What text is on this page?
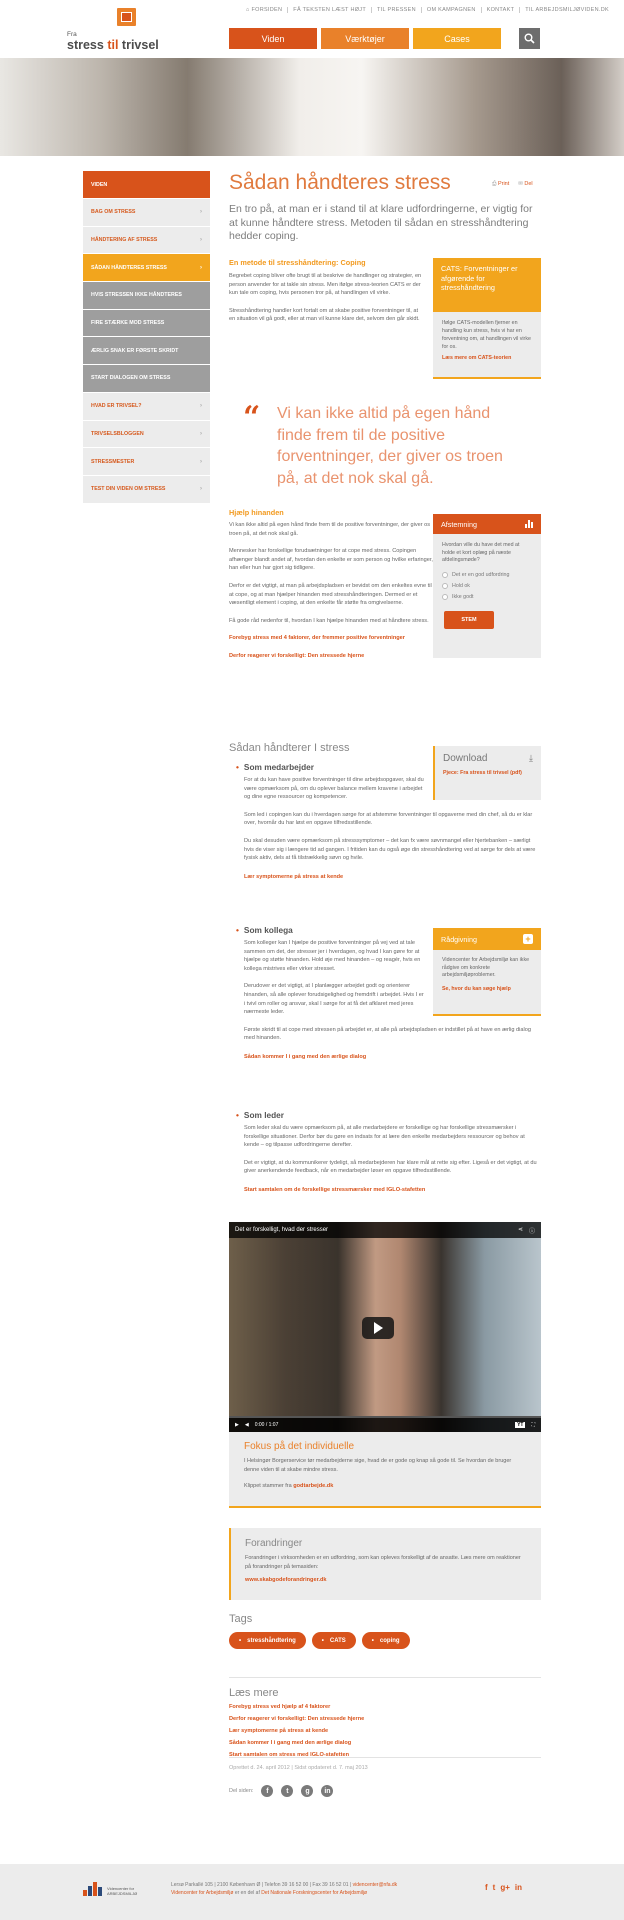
⌂ FORSIDEN	FÅ TEKSTEN LÆST HØJT	TIL PRESSEN	OM KAMPAGNEN	KONTAKT	TIL ARBEJDSMILJØVIDEN.DK
Fra
stress til trivsel	Viden	Værktøjer	Cases
VIDEN
BAG OM STRESS	›
HÅNDTERING AF STRESS	›
SÅDAN HÅNDTERES STRESS	›
HVIS STRESSEN IKKE HÅNDTERES
FIRE STÆRKE MOD STRESS
ÆRLIG SNAK ER FØRSTE SKRIDT
START DIALOGEN OM STRESS
HVAD ER TRIVSEL?	›
TRIVSELSBLOGGEN	›
STRESSMESTER	›
TEST DIN VIDEN OM STRESS	›
⎙ Print ✉ Del
Sådan håndteres stress

En tro på, at man er i stand til at klare udfordringerne, er vigtig for at kunne håndtere stress. Metoden til sådan en stresshåndtering hedder coping.

En metode til stresshåndtering: Coping

Begrebet coping bliver ofte brugt til at beskrive de handlinger og strategier, en person anvender for at takle sin stress. Men ifølge stress-teorien CATS er der kun tale om coping, hvis personen tror på, at handlingen vil virke.

Stresshåndtering handler kort fortalt om at skabe positive forventninger til, at en situation vil gå godt, eller at man vil kunne klare det, selvom den går skidt.

CATS: Forventninger er afgørende for stresshåndtering

Ifølge CATS-modellen fjerner en handling kun stress, hvis vi har en forventning om, at handlingen vil virke for os.

Læs mere om CATS-teorien
“ Vi kan ikke altid på egen hånd finde frem til de positive forventninger, der giver os troen på, at det nok skal gå.
Hjælp hinanden

Vi kan ikke altid på egen hånd finde frem til de positive forventninger, der giver os troen på, at det nok skal gå.

Mennesker har forskellige forudsætninger for at cope med stress. Copingen afhænger blandt andet af, hvordan den enkelte er som person og hvilke erfaringer, han eller hun har gjort sig tidligere.

Derfor er det vigtigt, at man på arbejdspladsen er bevidst om den enkeltes evne til at cope, og at man hjælper hinanden med stresshåndteringen. Dermed er et væsentligt element i coping, at den enkelte får støtte fra omgivelserne.

Få gode råd nedenfor til, hvordan I kan hjælpe hinanden med at håndtere stress.

Forebyg stress med 4 faktorer, der fremmer positive forventninger
Derfor reagerer vi forskelligt: Den stressede hjerne
Afstemning

Hvordan ville du have det med at holde et kort oplæg på næste afdelingsmøde?

Det er en god udfordring
Hold ok
Ikke godt
STEM
Sådan håndterer I stress
• Som medarbejder

For at du kan have positive forventninger til dine arbejdsopgaver, skal du være opmærksom på, om du oplever balance mellem kravene i arbejdet og dine egne ressourcer og kompetencer.

Som led i copingen kan du i hverdagen sørge for at afstemme forventninger til opgaverne med din chef, så du er klar over, hvornår du har løst en opgave tilfredsstillende.

Du skal desuden være opmærksom på stresssymptomer – det kan fx være søvnmangel eller hjertebanken – særligt hvis de viser sig i længere tid ad gangen. I fritiden kan du også øge din stresshåndtering ved at sørge for dels at være fysisk aktiv, dels at få tilstrækkelig søvn og hvile.

Lær symptomerne på stress at kende
Download	⤓
Pjece: Fra stress til trivsel (pdf)
• Som kollega

Som kolleger kan I hjælpe de positive forventninger på vej ved at tale sammen om det, der stresser jer i hverdagen, og hvad I kan gøre for at hjælpe og støtte hinanden. Hold øje med hinanden – og reagér, hvis en kollega mistrives eller virker stresset.

Derudover er det vigtigt, at I planlægger arbejdet godt og orienterer hinanden, så alle oplever forudsigelighed og fremdrift i arbejdet. Hvis I er i tvivl om roller og ansvar, skal I sørge for at få det afklaret med jeres nærmeste leder.

Første skridt til at cope med stressen på arbejdet er, at alle på arbejdspladsen er indstillet på at have en ærlig dialog med hinanden.

Sådan kommer I i gang med den ærlige dialog
Rådgivning	+

Videncenter for Arbejdsmiljø kan ikke rådgive om konkrete arbejdsmiljøproblemer.

Se, hvor du kan søge hjælp
• Som leder

Som leder skal du være opmærksom på, at alle medarbejdere er forskellige og har forskellige stressmærsker i forskellige situationer. Derfor bør du gøre en indsats for at lære den enkelte medarbejders ressourcer og behov at kende – og tilpasse udfordringerne derefter.

Det er vigtigt, at du kommunikerer tydeligt, så medarbejderen har klare mål at rette sig efter. Ligeså er det vigtigt, at du giver anerkendende feedback, når en medarbejder løser en opgave tilfredsstillende.

Start samtalen om de forskellige stressmærsker med IGLO-stafetten
Det er forskelligt, hvad der stresser	⋖ ⓘ
▶ ◀ 0:00 / 1:07	YT	⛶
Fokus på det individuelle

I Helsingør Borgerservice tør medarbejderne sige, hvad de er gode og knap så gode til. Se hvordan de bruger denne viden til at skabe mindre stress.

Klippet stammer fra godtarbejde.dk
Forandringer

Forandringer i virksomheden er en udfordring, som kan opleves forskelligt af de ansatte. Læs mere om reaktioner på forandringer på temasiden:

www.skabgodeforandringer.dk
Tags
• stresshåndtering	• CATS	• coping
Læs mere
Forebyg stress ved hjælp af 4 faktorer
Derfor reagerer vi forskelligt: Den stressede hjerne
Lær symptomerne på stress at kende
Sådan kommer I i gang med den ærlige dialog
Start samtalen om stress med IGLO-stafetten
Oprettet d. 24. april 2012 | Sidst opdateret d. 7. maj 2013
Del siden:	f	t	g	in
Videncenter for ARBEJDSMILJØ
Lersø Parkallé 105 | 2100 København Ø | Telefon 39 16 52 00 | Fax 39 16 52 01 | videncenter@nfa.dk
Videncenter for Arbejdsmiljø er en del af Det Nationale Forskningscenter for Arbejdsmiljø
f t g+ in
